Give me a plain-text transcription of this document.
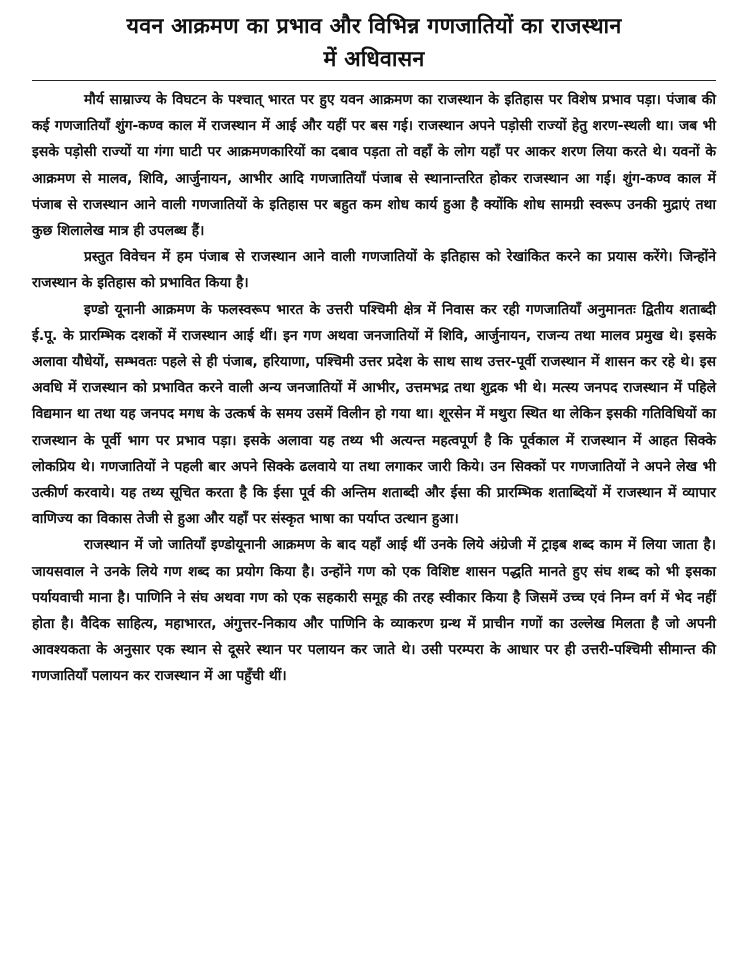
यवन आक्रमण का प्रभाव और विभिन्न गणजातियों का राजस्थान
में अधिवासन

मौर्य साम्राज्य के विघटन के पश्चात् भारत पर हुए यवन आक्रमण का राजस्थान के इतिहास पर विशेष प्रभाव पड़ा। पंजाब की कई गणजातियाँ शुंग-कण्व काल में राजस्थान में आई और यहीं पर बस गई। राजस्थान अपने पड़ोसी राज्यों हेतु शरण-स्थली था। जब भी इसके पड़ोसी राज्यों या गंगा घाटी पर आक्रमणकारियों का दबाव पड़ता तो वहाँ के लोग यहाँ पर आकर शरण लिया करते थे। यवनों के आक्रमण से मालव, शिवि, आर्जुनायन, आभीर आदि गणजातियाँ पंजाब से स्थानान्तरित होकर राजस्थान आ गई। शुंग-कण्व काल में पंजाब से राजस्थान आने वाली गणजातियों के इतिहास पर बहुत कम शोध कार्य हुआ है क्योंकि शोध सामग्री स्वरूप उनकी मुद्राएं तथा कुछ शिलालेख मात्र ही उपलब्ध हैं।

प्रस्तुत विवेचन में हम पंजाब से राजस्थान आने वाली गणजातियों के इतिहास को रेखांकित करने का प्रयास करेंगे। जिन्होंने राजस्थान के इतिहास को प्रभावित किया है।

इण्डो यूनानी आक्रमण के फलस्वरूप भारत के उत्तरी पश्चिमी क्षेत्र में निवास कर रही गणजातियाँ अनुमानतः द्वितीय शताब्दी ई.पू. के प्रारम्भिक दशकों में राजस्थान आई थीं। इन गण अथवा जनजातियों में शिवि, आर्जुनायन, राजन्य तथा मालव प्रमुख थे। इसके अलावा यौधेयों, सम्भवतः पहले से ही पंजाब, हरियाणा, पश्चिमी उत्तर प्रदेश के साथ साथ उत्तर-पूर्वी राजस्थान में शासन कर रहे थे। इस अवधि में राजस्थान को प्रभावित करने वाली अन्य जनजातियों में आभीर, उत्तमभद्र तथा शुद्रक भी थे। मत्स्य जनपद राजस्थान में पहिले विद्यमान था तथा यह जनपद मगध के उत्कर्ष के समय उसमें विलीन हो गया था। शूरसेन में मथुरा स्थित था लेकिन इसकी गतिविधियों का राजस्थान के पूर्वी भाग पर प्रभाव पड़ा। इसके अलावा यह तथ्य भी अत्यन्त महत्वपूर्ण है कि पूर्वकाल में राजस्थान में आहत सिक्के लोकप्रिय थे। गणजातियों ने पहली बार अपने सिक्के ढलवाये या तथा लगाकर जारी किये। उन सिक्कों पर गणजातियों ने अपने लेख भी उत्कीर्ण करवाये। यह तथ्य सूचित करता है कि ईसा पूर्व की अन्तिम शताब्दी और ईसा की प्रारम्भिक शताब्दियों में राजस्थान में व्यापार वाणिज्य का विकास तेजी से हुआ और यहाँ पर संस्कृत भाषा का पर्याप्त उत्थान हुआ।

राजस्थान में जो जातियाँ इण्डोयूनानी आक्रमण के बाद यहाँ आई थीं उनके लिये अंग्रेजी में ट्राइब शब्द काम में लिया जाता है। जायसवाल ने उनके लिये गण शब्द का प्रयोग किया है। उन्होंने गण को एक विशिष्ट शासन पद्धति मानते हुए संघ शब्द को भी इसका पर्यायवाची माना है। पाणिनि ने संघ अथवा गण को एक सहकारी समूह की तरह स्वीकार किया है जिसमें उच्च एवं निम्न वर्ग में भेद नहीं होता है। वैदिक साहित्य, महाभारत, अंगुत्तर-निकाय और पाणिनि के व्याकरण ग्रन्थ में प्राचीन गणों का उल्लेख मिलता है जो अपनी आवश्यकता के अनुसार एक स्थान से दूसरे स्थान पर पलायन कर जाते थे। उसी परम्परा के आधार पर ही उत्तरी-पश्चिमी सीमान्त की गणजातियाँ पलायन कर राजस्थान में आ पहुँची थीं।
